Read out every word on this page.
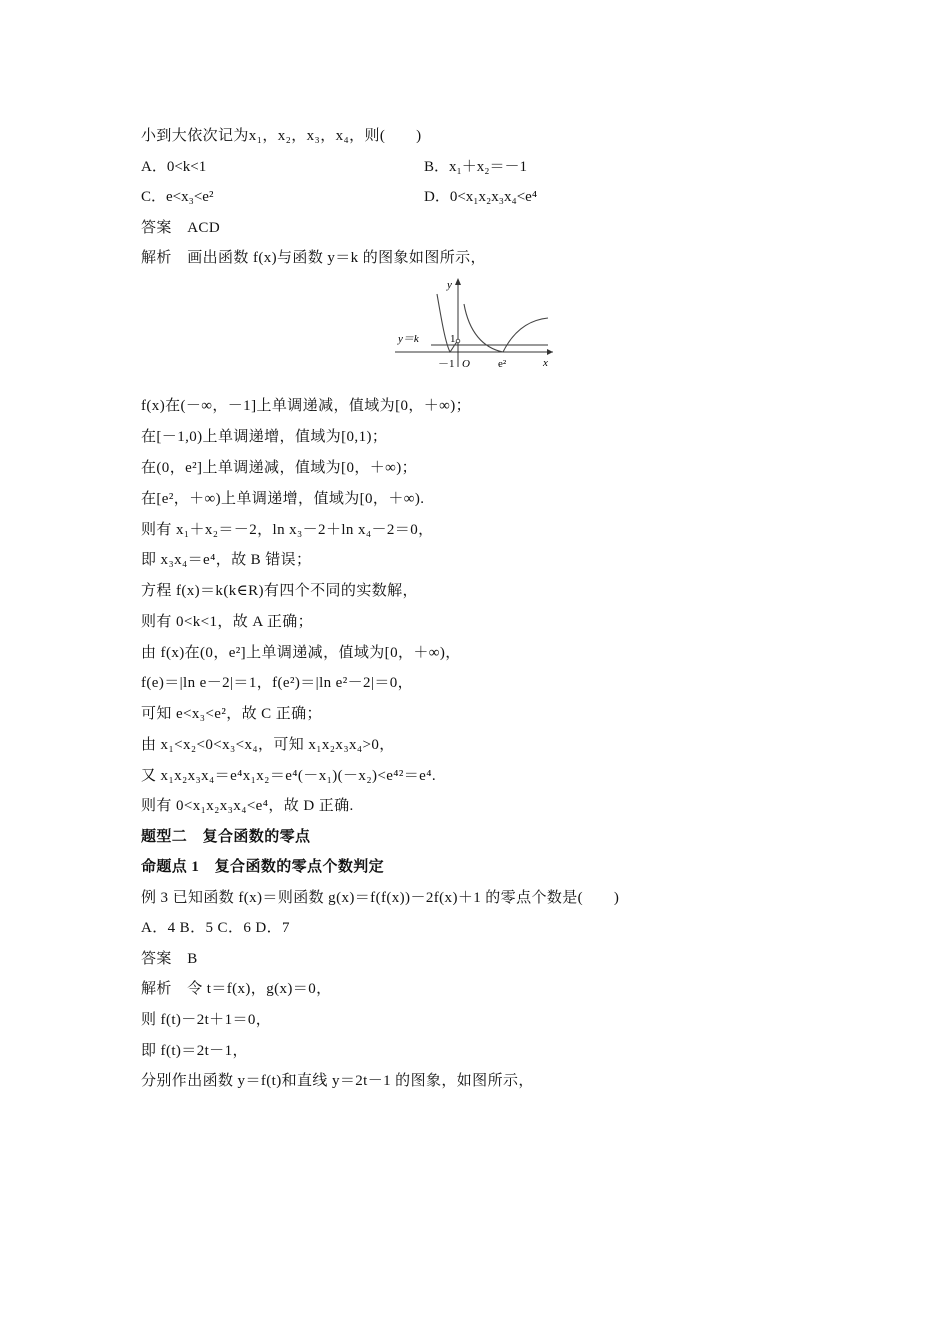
小到大依次记为x₁，x₂，x₃，x₄，则(　　)
A．0<k<1	B．x₁＋x₂＝－1
C．e<x₃<e²	D．0<x₁x₂x₃x₄<e⁴
答案　ACD
解析　画出函数 f(x)与函数 y＝k 的图象如图所示，
y
x
y＝k	1
－1 O	e²
f(x)在(－∞，－1]上单调递减，值域为[0，＋∞)；
在[－1,0)上单调递增，值域为[0,1)；
在(0，e²]上单调递减，值域为[0，＋∞)；
在[e²，＋∞)上单调递增，值域为[0，＋∞).
则有 x₁＋x₂＝－2，ln x₃－2＋ln x₄－2＝0，
即 x₃x₄＝e⁴，故 B 错误；
方程 f(x)＝k(k∈R)有四个不同的实数解，
则有 0<k<1，故 A 正确；
由 f(x)在(0，e²]上单调递减，值域为[0，＋∞)，
f(e)＝|ln e－2|＝1，f(e²)＝|ln e²－2|＝0，
可知 e<x₃<e²，故 C 正确；
由 x₁<x₂<0<x₃<x₄，可知 x₁x₂x₃x₄>0，
又 x₁x₂x₃x₄＝e⁴x₁x₂＝e⁴(－x₁)(－x₂)<e⁴²＝e⁴.
则有 0<x₁x₂x₃x₄<e⁴，故 D 正确.
题型二　复合函数的零点
命题点 1　复合函数的零点个数判定
例 3 已知函数 f(x)＝则函数 g(x)＝f(f(x))－2f(x)＋1 的零点个数是(　　)
A．4 B．5 C．6 D．7
答案　B
解析　令 t＝f(x)，g(x)＝0，
则 f(t)－2t＋1＝0，
即 f(t)＝2t－1，
分别作出函数 y＝f(t)和直线 y＝2t－1 的图象，如图所示，
